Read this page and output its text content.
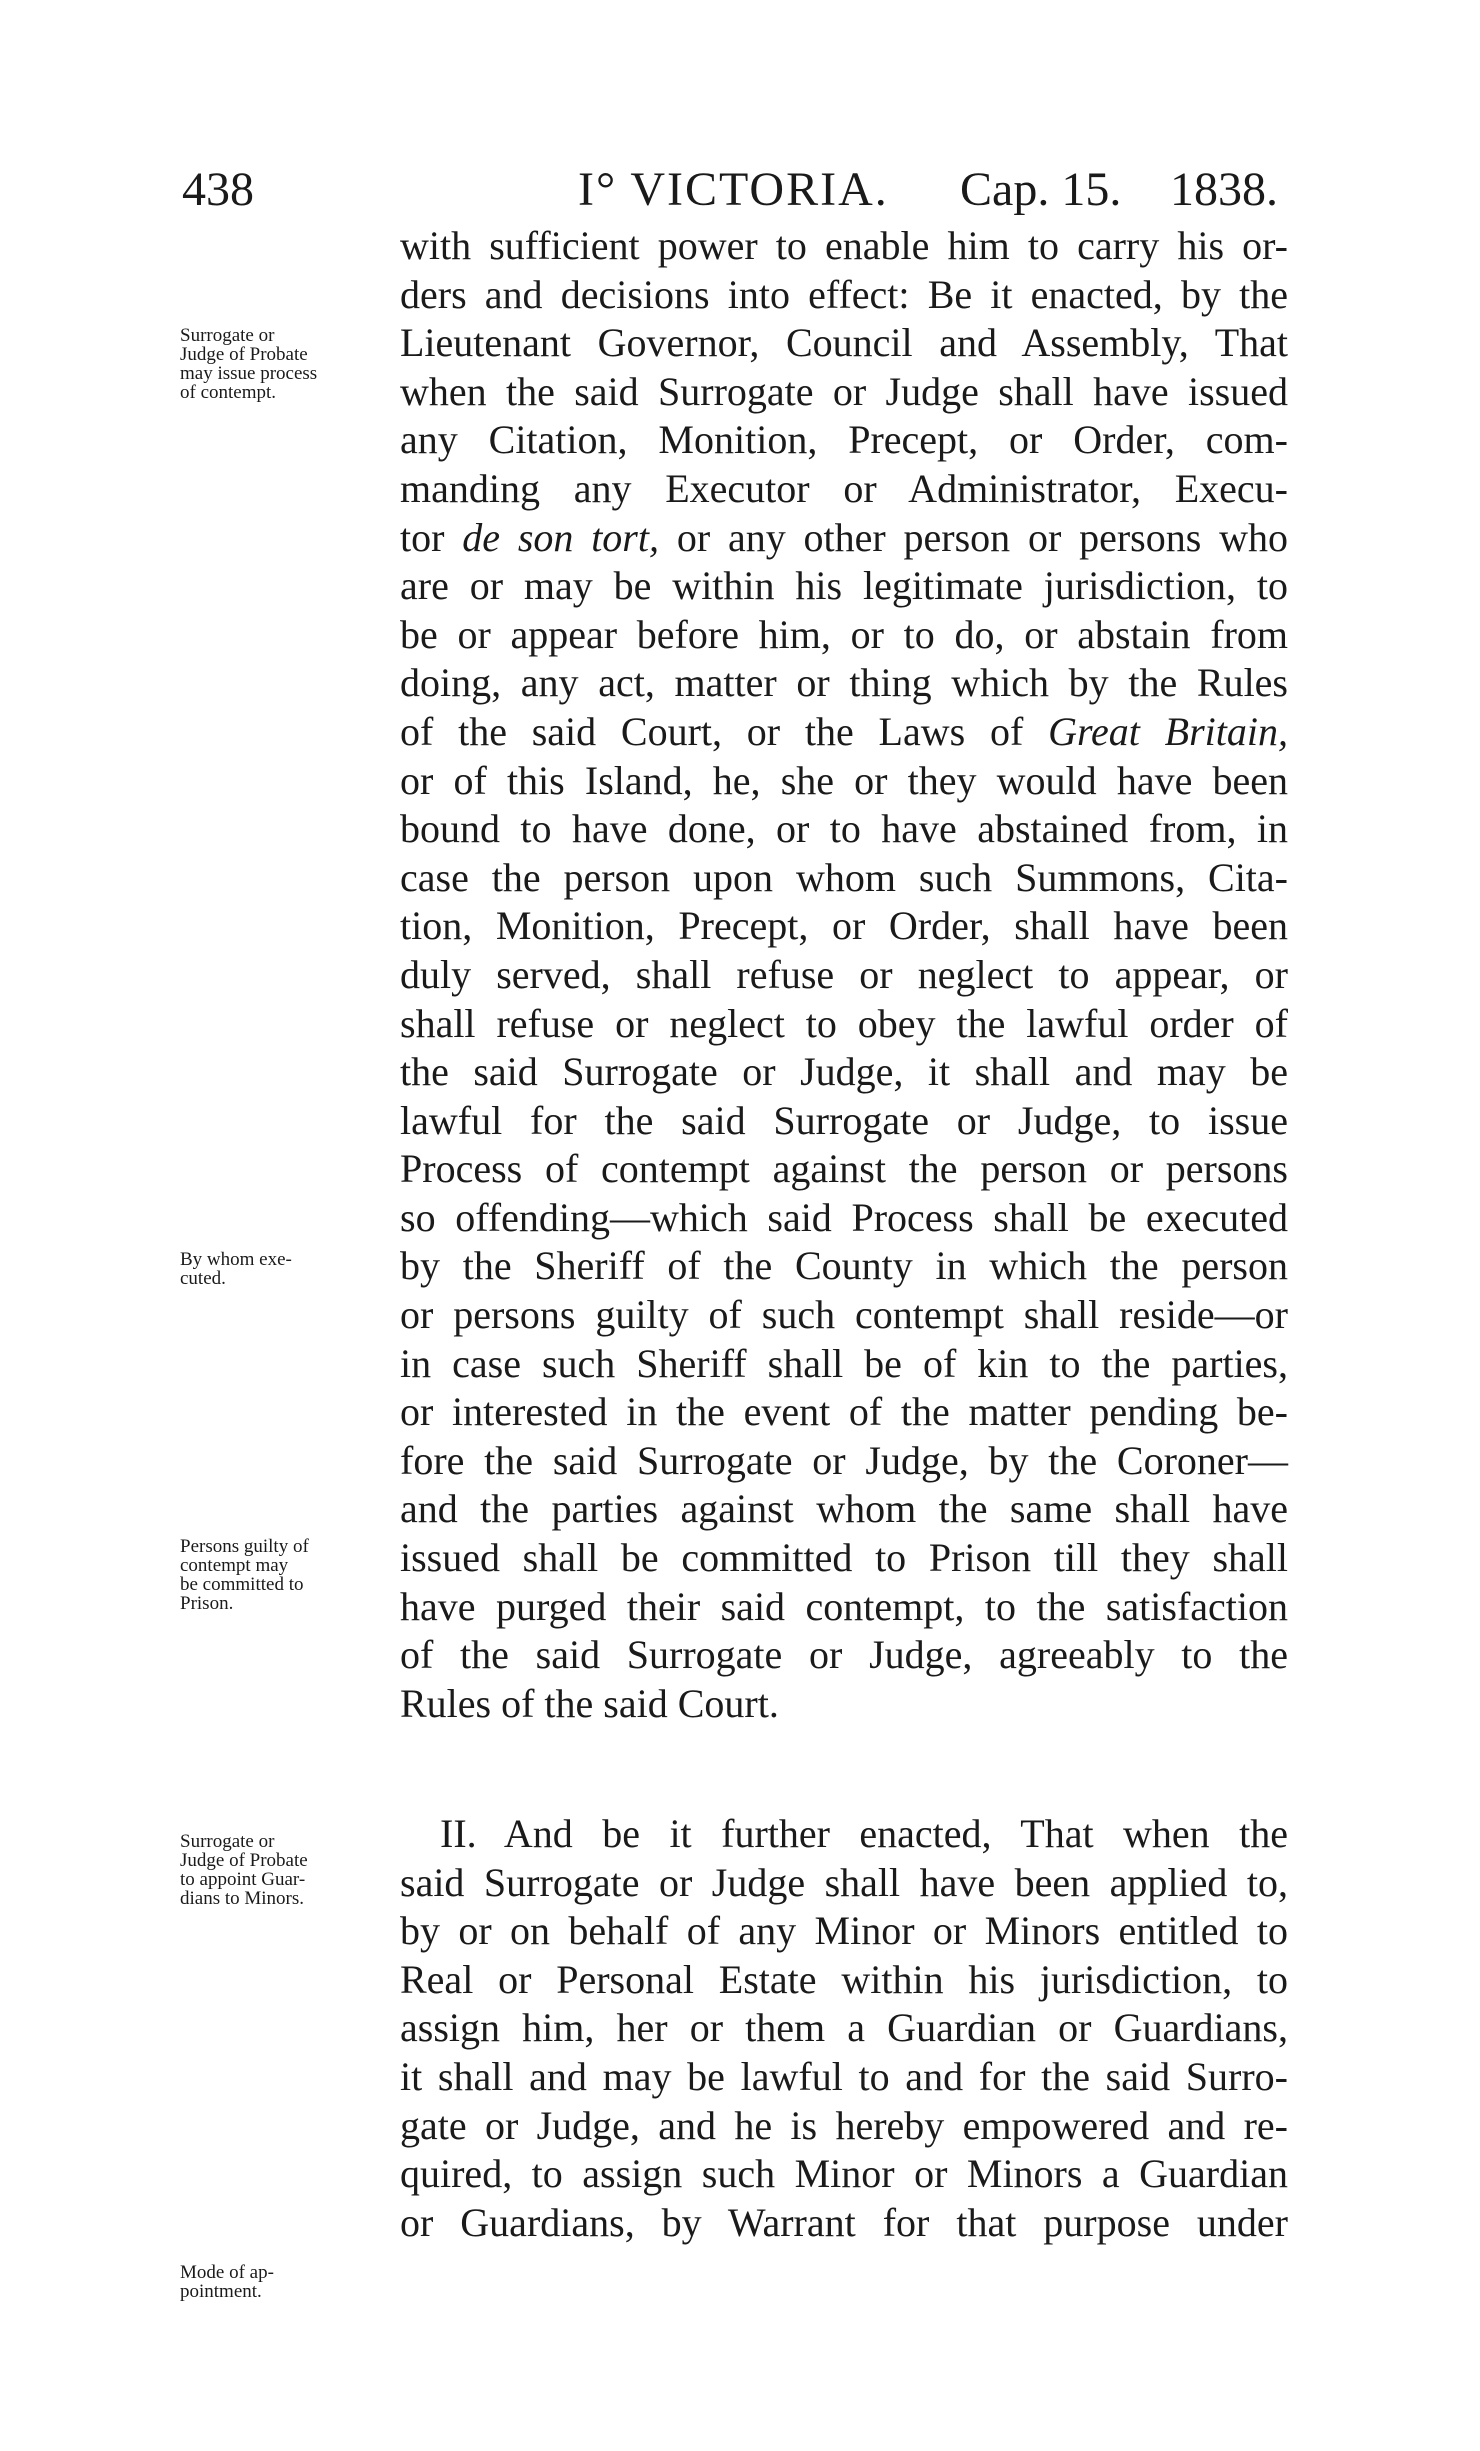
438	I° VICTORIA. Cap. 15. 1838.
Surrogate or
Judge of Probate
may issue process
of contempt.
By whom exe-
cuted.
Persons guilty of
contempt may
be committed to
Prison.
Surrogate or
Judge of Probate
to appoint Guar-
dians to Minors.
Mode of ap-
pointment.
with sufficient power to enable him to carry his or-
ders and decisions into effect: Be it enacted, by the
Lieutenant Governor, Council and Assembly, That
when the said Surrogate or Judge shall have issued
any Citation, Monition, Precept, or Order, com-
manding any Executor or Administrator, Execu-
tor de son tort, or any other person or persons who
are or may be within his legitimate jurisdiction, to
be or appear before him, or to do, or abstain from
doing, any act, matter or thing which by the Rules
of the said Court, or the Laws of Great Britain,
or of this Island, he, she or they would have been
bound to have done, or to have abstained from, in
case the person upon whom such Summons, Cita-
tion, Monition, Precept, or Order, shall have been
duly served, shall refuse or neglect to appear, or
shall refuse or neglect to obey the lawful order of
the said Surrogate or Judge, it shall and may be
lawful for the said Surrogate or Judge, to issue
Process of contempt against the person or persons
so offending—which said Process shall be executed
by the Sheriff of the County in which the person
or persons guilty of such contempt shall reside—or
in case such Sheriff shall be of kin to the parties,
or interested in the event of the matter pending be-
fore the said Surrogate or Judge, by the Coroner—
and the parties against whom the same shall have
issued shall be committed to Prison till they shall
have purged their said contempt, to the satisfaction
of the said Surrogate or Judge, agreeably to the
Rules of the said Court.
II. And be it further enacted, That when the
said Surrogate or Judge shall have been applied to,
by or on behalf of any Minor or Minors entitled to
Real or Personal Estate within his jurisdiction, to
assign him, her or them a Guardian or Guardians,
it shall and may be lawful to and for the said Surro-
gate or Judge, and he is hereby empowered and re-
quired, to assign such Minor or Minors a Guardian
or Guardians, by Warrant for that purpose under
